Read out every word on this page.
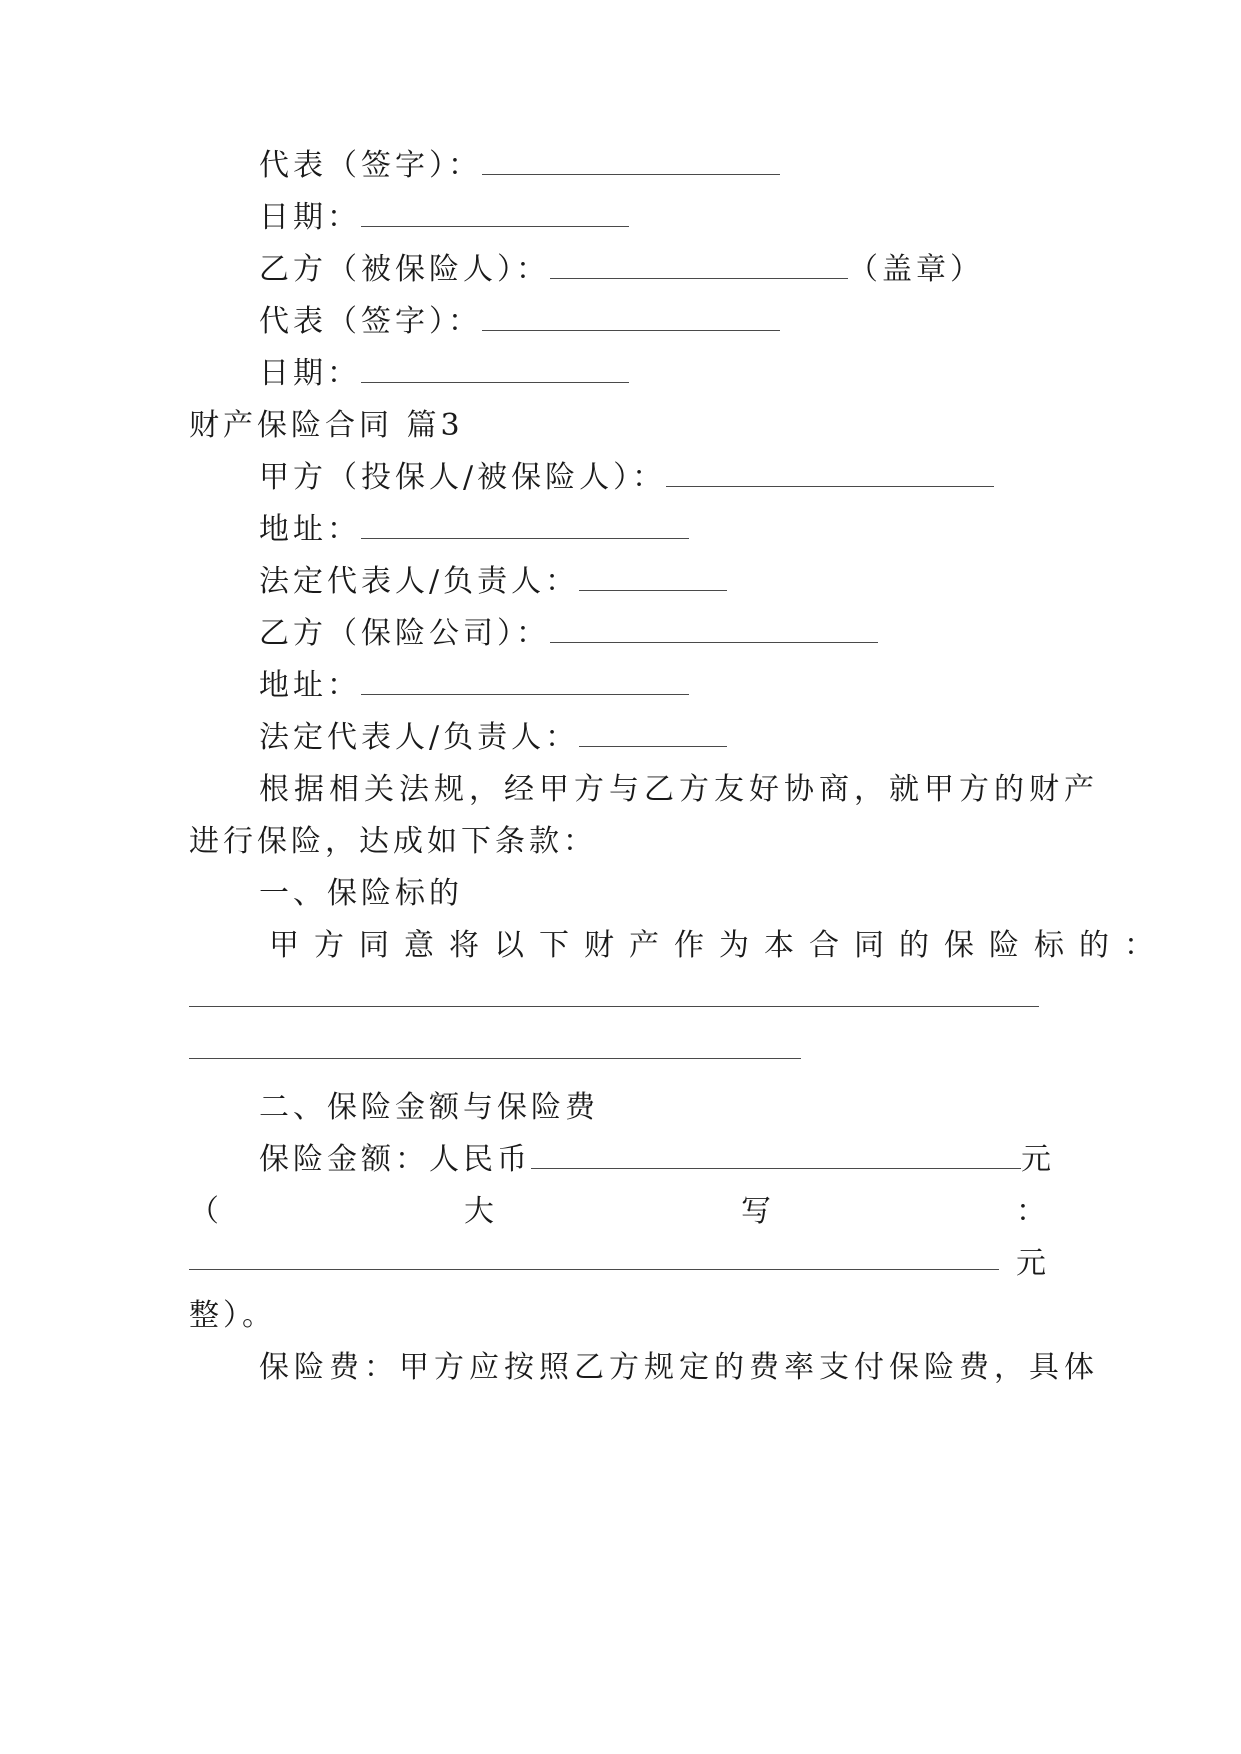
代表（签字）：
日期：
乙方（被保险人）：	（盖章）
代表（签字）：
日期：
财产保险合同 篇3
甲方（投保人/被保险人）：
地址：
法定代表人/负责人：
乙方（保险公司）：
地址：
法定代表人/负责人：
根据相关法规，经甲方与乙方友好协商，就甲方的财产
进行保险，达成如下条款：
一、保险标的
甲方同意将以下财产作为本合同的保险标的：
二、保险金额与保险费
保险金额：人民币	元
（	大	写	：
元
整）。
保险费：甲方应按照乙方规定的费率支付保险费，具体
